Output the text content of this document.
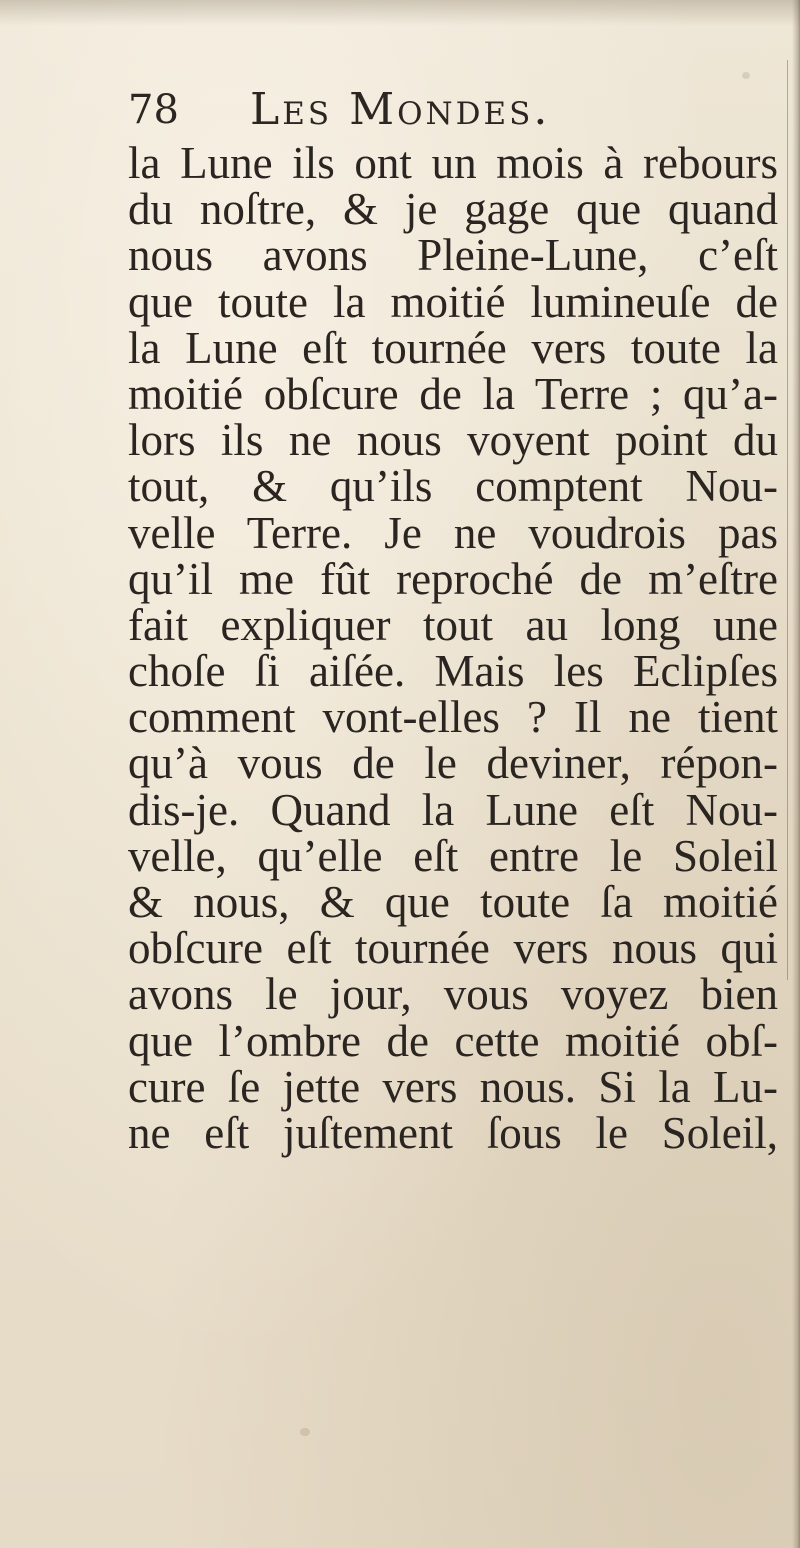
78 Les Mondes.
la Lune ils ont un mois à rebours
du noſtre, & je gage que quand
nous avons Pleine-Lune, c’eſt
que toute la moitié lumineuſe de
la Lune eſt tournée vers toute la
moitié obſcure de la Terre ; qu’a-
lors ils ne nous voyent point du
tout, & qu’ils comptent Nou-
velle Terre. Je ne voudrois pas
qu’il me fût reproché de m’eſtre
fait expliquer tout au long une
choſe ſi aiſée. Mais les Eclipſes
comment vont-elles ? Il ne tient
qu’à vous de le deviner, répon-
dis-je. Quand la Lune eſt Nou-
velle, qu’elle eſt entre le Soleil
& nous, & que toute ſa moitié
obſcure eſt tournée vers nous qui
avons le jour, vous voyez bien
que l’ombre de cette moitié obſ-
cure ſe jette vers nous. Si la Lu-
ne eſt juſtement ſous le Soleil,
